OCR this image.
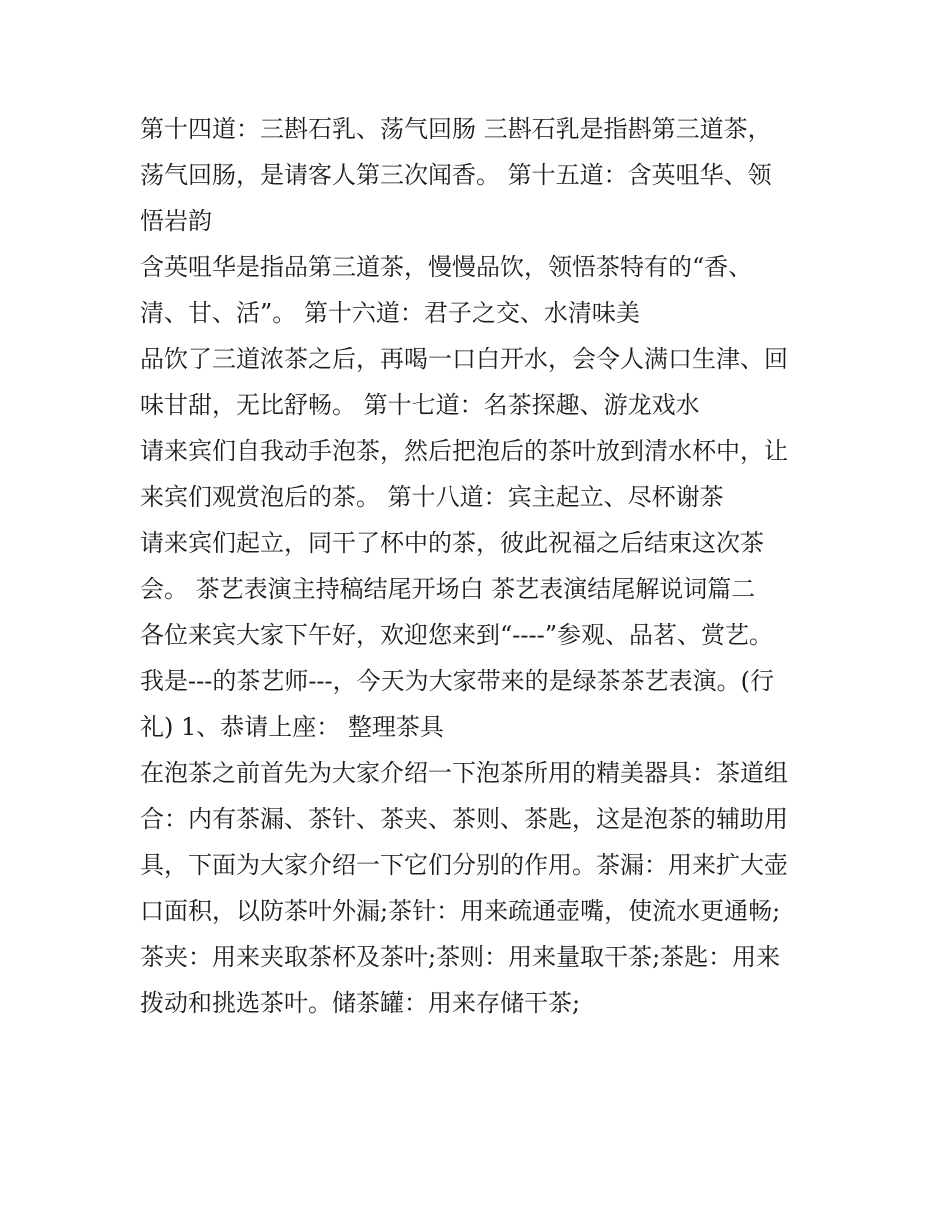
第十四道：三斟石乳、荡气回肠 三斟石乳是指斟第三道茶，
荡气回肠，是请客人第三次闻香。 第十五道：含英咀华、领
悟岩韵
含英咀华是指品第三道茶，慢慢品饮，领悟茶特有的“香、
清、甘、活”。 第十六道：君子之交、水清味美
品饮了三道浓茶之后，再喝一口白开水，会令人满口生津、回
味甘甜，无比舒畅。 第十七道：名茶探趣、游龙戏水
请来宾们自我动手泡茶，然后把泡后的茶叶放到清水杯中，让
来宾们观赏泡后的茶。 第十八道：宾主起立、尽杯谢茶
请来宾们起立，同干了杯中的茶，彼此祝福之后结束这次茶
会。 茶艺表演主持稿结尾开场白 茶艺表演结尾解说词篇二
各位来宾大家下午好，欢迎您来到“----”参观、品茗、赏艺。
我是---的茶艺师---，今天为大家带来的是绿茶茶艺表演。(行
礼) 1、恭请上座： 整理茶具
在泡茶之前首先为大家介绍一下泡茶所用的精美器具：茶道组
合：内有茶漏、茶针、茶夹、茶则、茶匙，这是泡茶的辅助用
具，下面为大家介绍一下它们分别的作用。茶漏：用来扩大壶
口面积，以防茶叶外漏;茶针：用来疏通壶嘴，使流水更通畅;
茶夹：用来夹取茶杯及茶叶;茶则：用来量取干茶;茶匙：用来
拨动和挑选茶叶。储茶罐：用来存储干茶;
